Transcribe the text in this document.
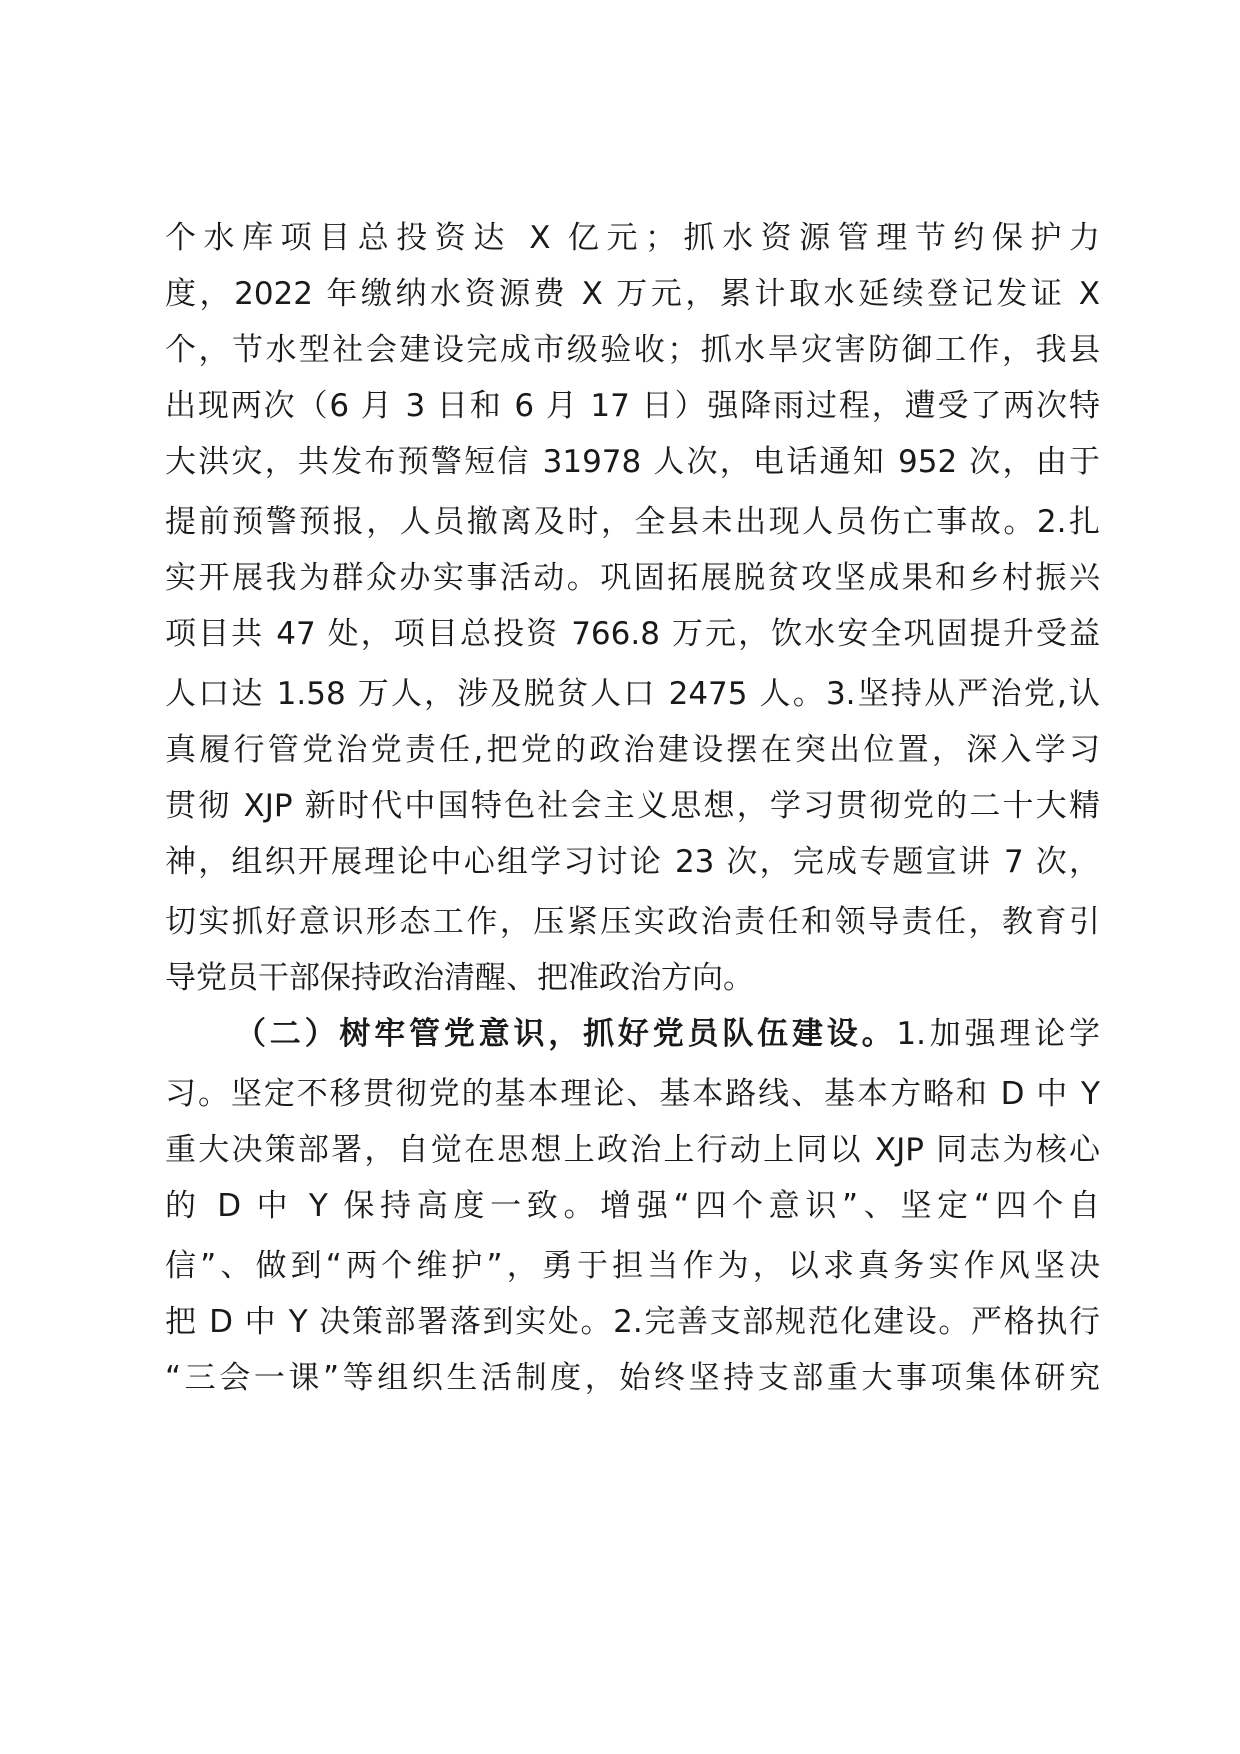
个水库项目总投资达 X 亿元；抓水资源管理节约保护力
度，2022 年缴纳水资源费 X 万元，累计取水延续登记发证 X
个，节水型社会建设完成市级验收；抓水旱灾害防御工作，我县
出现两次（6 月 3 日和 6 月 17 日）强降雨过程，遭受了两次特
大洪灾，共发布预警短信 31978 人次，电话通知 952 次，由于
提前预警预报，人员撤离及时，全县未出现人员伤亡事故。2.扎
实开展我为群众办实事活动。巩固拓展脱贫攻坚成果和乡村振兴
项目共 47 处，项目总投资 766.8 万元，饮水安全巩固提升受益
人口达 1.58 万人，涉及脱贫人口 2475 人。3.坚持从严治党,认
真履行管党治党责任,把党的政治建设摆在突出位置，深入学习
贯彻 XJP 新时代中国特色社会主义思想，学习贯彻党的二十大精
神，组织开展理论中心组学习讨论 23 次，完成专题宣讲 7 次，
切实抓好意识形态工作，压紧压实政治责任和领导责任，教育引
导党员干部保持政治清醒、把准政治方向。
（二）树牢管党意识，抓好党员队伍建设。1.加强理论学
习。坚定不移贯彻党的基本理论、基本路线、基本方略和 D 中 Y
重大决策部署，自觉在思想上政治上行动上同以 XJP 同志为核心
的 D 中 Y 保持高度一致。增强“四个意识”、坚定“四个自
信”、做到“两个维护”，勇于担当作为，以求真务实作风坚决
把 D 中 Y 决策部署落到实处。2.完善支部规范化建设。严格执行
“三会一课”等组织生活制度，始终坚持支部重大事项集体研究
